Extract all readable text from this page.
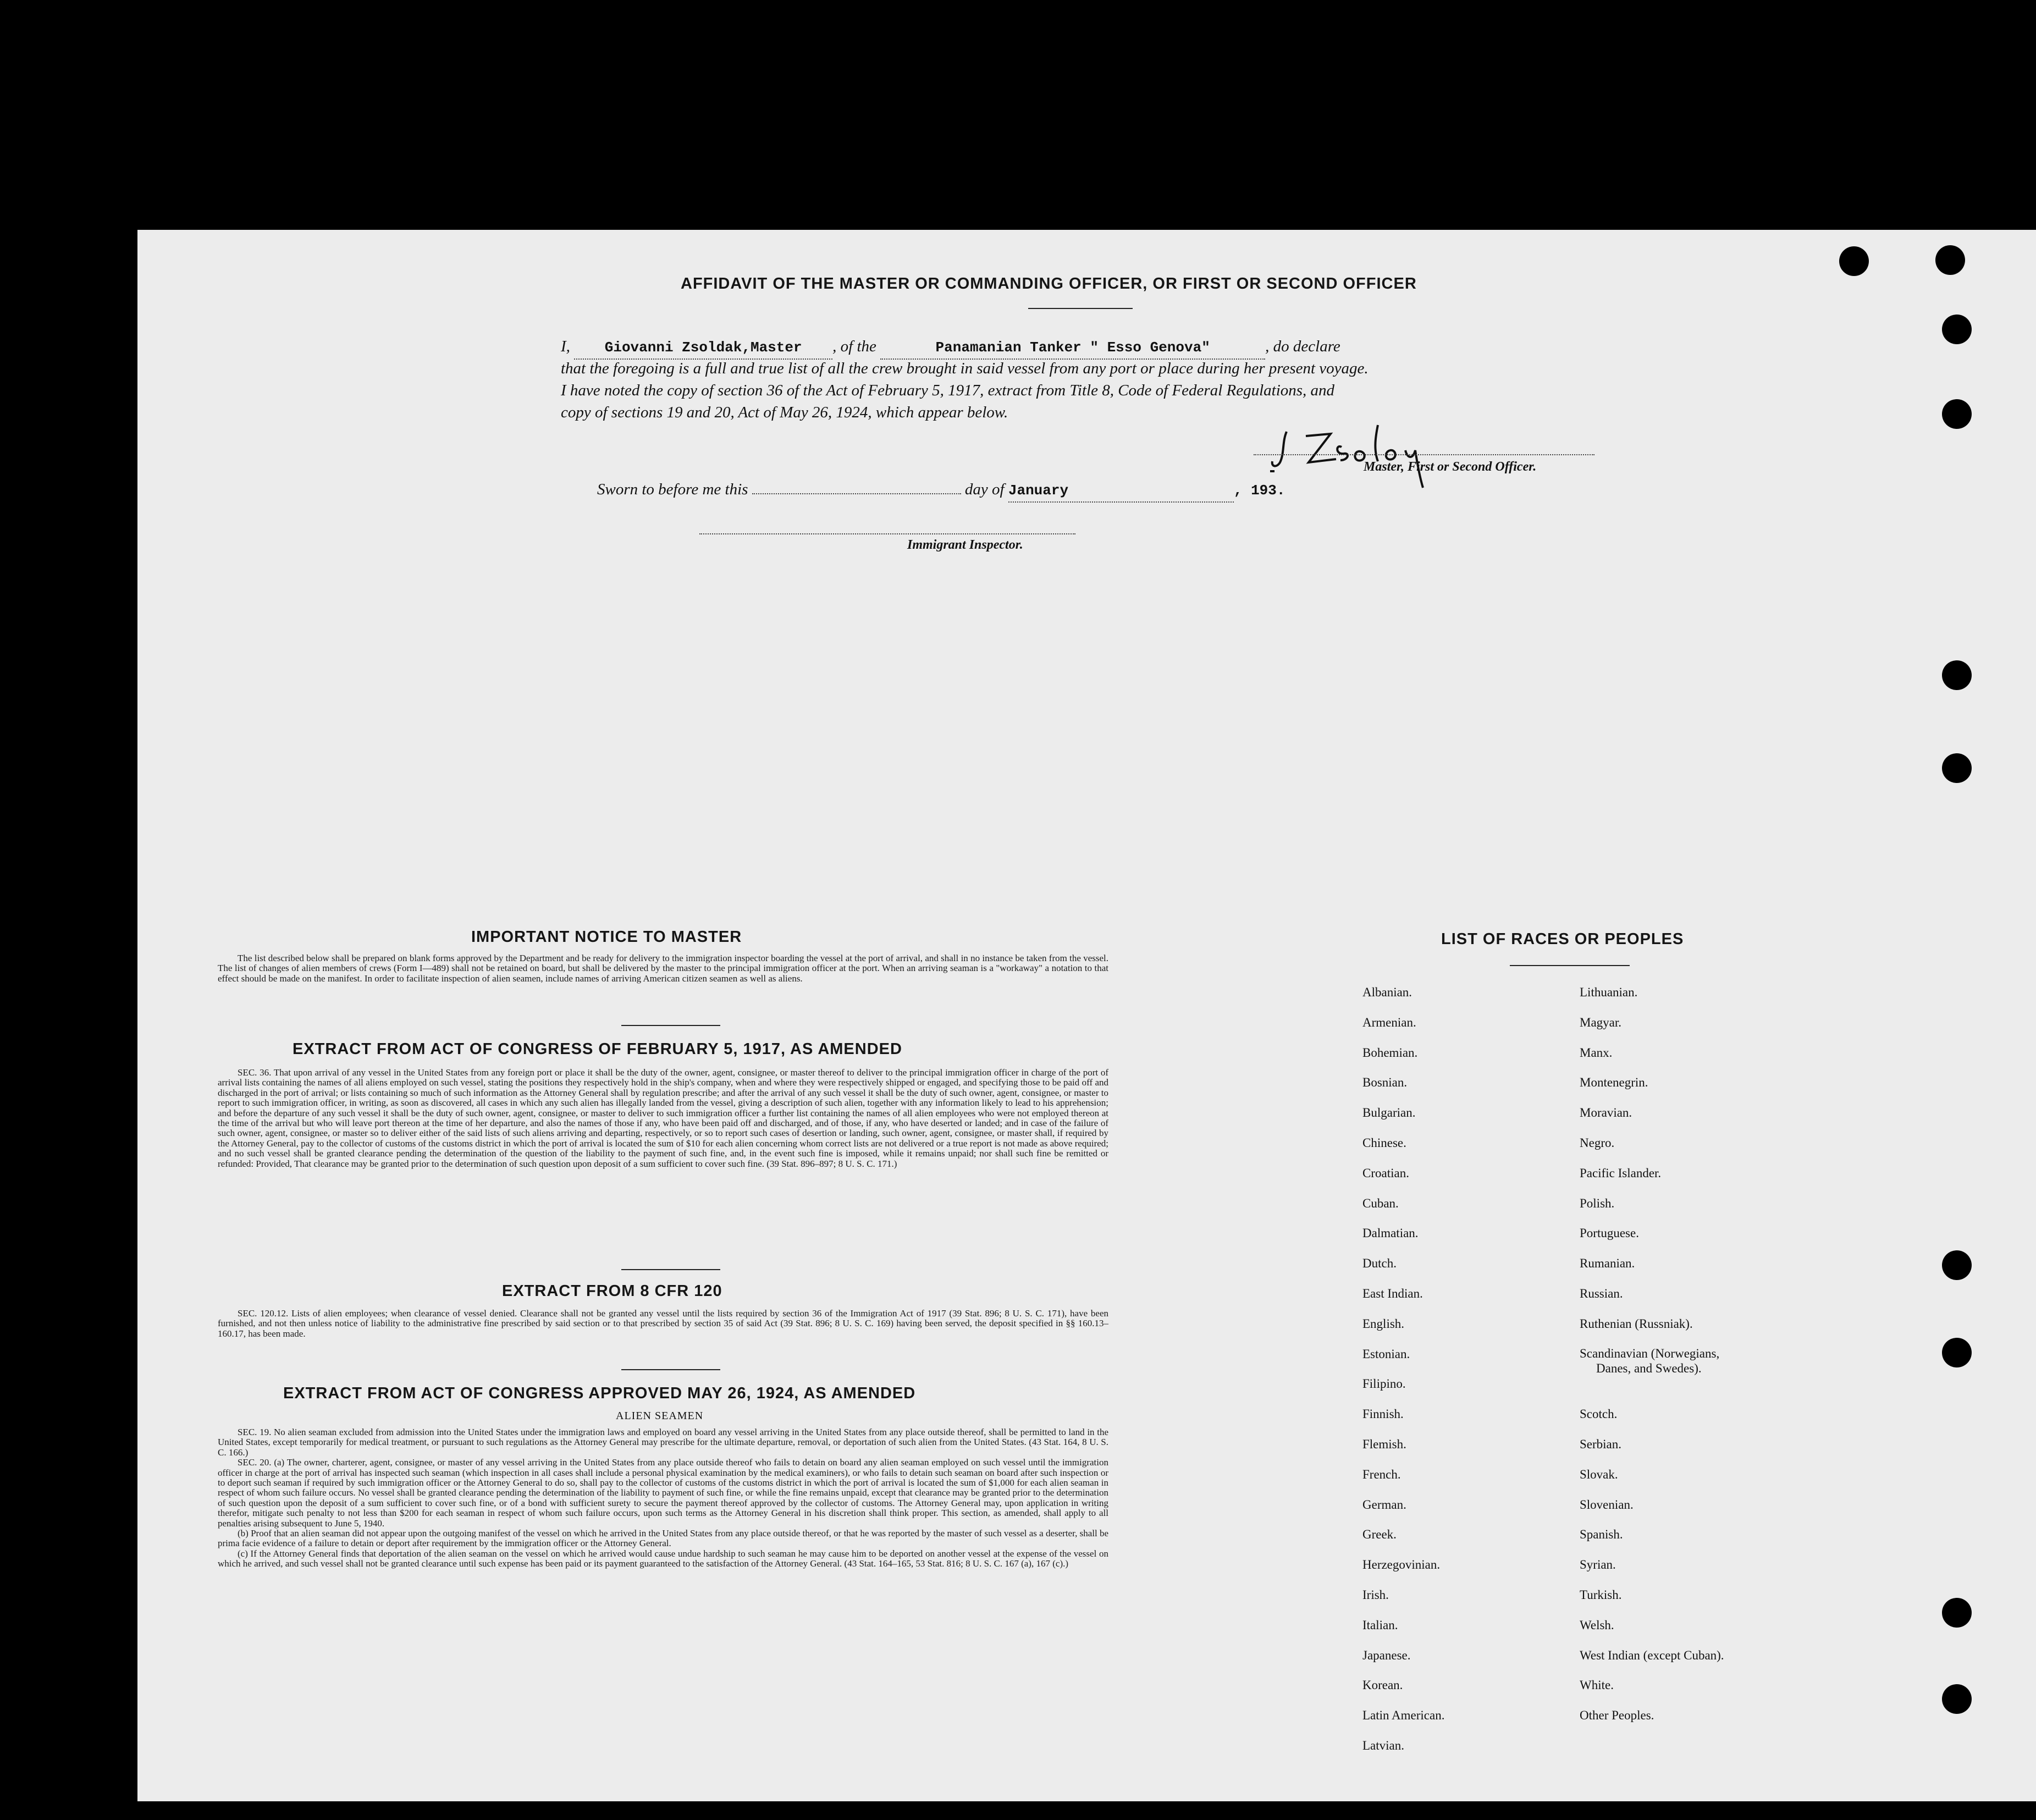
AFFIDAVIT OF THE MASTER OR COMMANDING OFFICER, OR FIRST OR SECOND OFFICER
I, Giovanni Zsoldak,Master , of the	Panamanian Tanker " Esso Genova"	, do declare
that the foregoing is a full and true list of all the crew brought in said vessel from any port or place during her present voyage.
I have noted the copy of section 36 of the Act of February 5, 1917, extract from Title 8, Code of Federal Regulations, and
copy of sections 19 and 20, Act of May 26, 1924, which appear below.
Master, First or Second Officer.
Sworn to before me this	day of January	, 193.
Immigrant Inspector.
IMPORTANT NOTICE TO MASTER

The list described below shall be prepared on blank forms approved by the Department and be ready for delivery to the immigration inspector boarding the vessel at the port of arrival, and shall in no instance be taken from the vessel. The list of changes of alien members of crews (Form I—489) shall not be retained on board, but shall be delivered by the master to the principal immigration officer at the port. When an arriving seaman is a "workaway" a notation to that effect should be made on the manifest. In order to facilitate inspection of alien seamen, include names of arriving American citizen seamen as well as aliens.

EXTRACT FROM ACT OF CONGRESS OF FEBRUARY 5, 1917, AS AMENDED

SEC. 36. That upon arrival of any vessel in the United States from any foreign port or place it shall be the duty of the owner, agent, consignee, or master thereof to deliver to the principal immigration officer in charge of the port of arrival lists containing the names of all aliens employed on such vessel, stating the positions they respectively hold in the ship's company, when and where they were respectively shipped or engaged, and specifying those to be paid off and discharged in the port of arrival; or lists containing so much of such information as the Attorney General shall by regulation prescribe; and after the arrival of any such vessel it shall be the duty of such owner, agent, consignee, or master to report to such immigration officer, in writing, as soon as discovered, all cases in which any such alien has illegally landed from the vessel, giving a description of such alien, together with any information likely to lead to his apprehension; and before the departure of any such vessel it shall be the duty of such owner, agent, consignee, or master to deliver to such immigration officer a further list containing the names of all alien employees who were not employed thereon at the time of the arrival but who will leave port thereon at the time of her departure, and also the names of those if any, who have been paid off and discharged, and of those, if any, who have deserted or landed; and in case of the failure of such owner, agent, consignee, or master so to deliver either of the said lists of such aliens arriving and departing, respectively, or so to report such cases of desertion or landing, such owner, agent, consignee, or master shall, if required by the Attorney General, pay to the collector of customs of the customs district in which the port of arrival is located the sum of $10 for each alien concerning whom correct lists are not delivered or a true report is not made as above required; and no such vessel shall be granted clearance pending the determination of the question of the liability to the payment of such fine, and, in the event such fine is imposed, while it remains unpaid; nor shall such fine be remitted or refunded: Provided, That clearance may be granted prior to the determination of such question upon deposit of a sum sufficient to cover such fine. (39 Stat. 896–897; 8 U. S. C. 171.)

EXTRACT FROM 8 CFR 120

SEC. 120.12. Lists of alien employees; when clearance of vessel denied. Clearance shall not be granted any vessel until the lists required by section 36 of the Immigration Act of 1917 (39 Stat. 896; 8 U. S. C. 171), have been furnished, and not then unless notice of liability to the administrative fine prescribed by said section or to that prescribed by section 35 of said Act (39 Stat. 896; 8 U. S. C. 169) having been served, the deposit specified in §§ 160.13–160.17, has been made.

EXTRACT FROM ACT OF CONGRESS APPROVED MAY 26, 1924, AS AMENDED
ALIEN SEAMEN

SEC. 19. No alien seaman excluded from admission into the United States under the immigration laws and employed on board any vessel arriving in the United States from any place outside thereof, shall be permitted to land in the United States, except temporarily for medical treatment, or pursuant to such regulations as the Attorney General may prescribe for the ultimate departure, removal, or deportation of such alien from the United States. (43 Stat. 164, 8 U. S. C. 166.)

SEC. 20. (a) The owner, charterer, agent, consignee, or master of any vessel arriving in the United States from any place outside thereof who fails to detain on board any alien seaman employed on such vessel until the immigration officer in charge at the port of arrival has inspected such seaman (which inspection in all cases shall include a personal physical examination by the medical examiners), or who fails to detain such seaman on board after such inspection or to deport such seaman if required by such immigration officer or the Attorney General to do so, shall pay to the collector of customs of the customs district in which the port of arrival is located the sum of $1,000 for each alien seaman in respect of whom such failure occurs. No vessel shall be granted clearance pending the determination of the liability to payment of such fine, or while the fine remains unpaid, except that clearance may be granted prior to the determination of such question upon the deposit of a sum sufficient to cover such fine, or of a bond with sufficient surety to secure the payment thereof approved by the collector of customs. The Attorney General may, upon application in writing therefor, mitigate such penalty to not less than $200 for each seaman in respect of whom such failure occurs, upon such terms as the Attorney General in his discretion shall think proper. This section, as amended, shall apply to all penalties arising subsequent to June 5, 1940.

(b) Proof that an alien seaman did not appear upon the outgoing manifest of the vessel on which he arrived in the United States from any place outside thereof, or that he was reported by the master of such vessel as a deserter, shall be prima facie evidence of a failure to detain or deport after requirement by the immigration officer or the Attorney General.

(c) If the Attorney General finds that deportation of the alien seaman on the vessel on which he arrived would cause undue hardship to such seaman he may cause him to be deported on another vessel at the expense of the vessel on which he arrived, and such vessel shall not be granted clearance until such expense has been paid or its payment guaranteed to the satisfaction of the Attorney General. (43 Stat. 164–165, 53 Stat. 816; 8 U. S. C. 167 (a), 167 (c).)

LIST OF RACES OR PEOPLES
Albanian.
Armenian.
Bohemian.
Bosnian.
Bulgarian.
Chinese.
Croatian.
Cuban.
Dalmatian.
Dutch.
East Indian.
English.
Estonian.
Filipino.
Finnish.
Flemish.
French.
German.
Greek.
Herzegovinian.
Irish.
Italian.
Japanese.
Korean.
Latin American.
Latvian.
Lithuanian.
Magyar.
Manx.
Montenegrin.
Moravian.
Negro.
Pacific Islander.
Polish.
Portuguese.
Rumanian.
Russian.
Ruthenian (Russniak).
Scandinavian (Norwegians,
Danes, and Swedes).
Scotch.
Serbian.
Slovak.
Slovenian.
Spanish.
Syrian.
Turkish.
Welsh.
West Indian (except Cuban).
White.
Other Peoples.
